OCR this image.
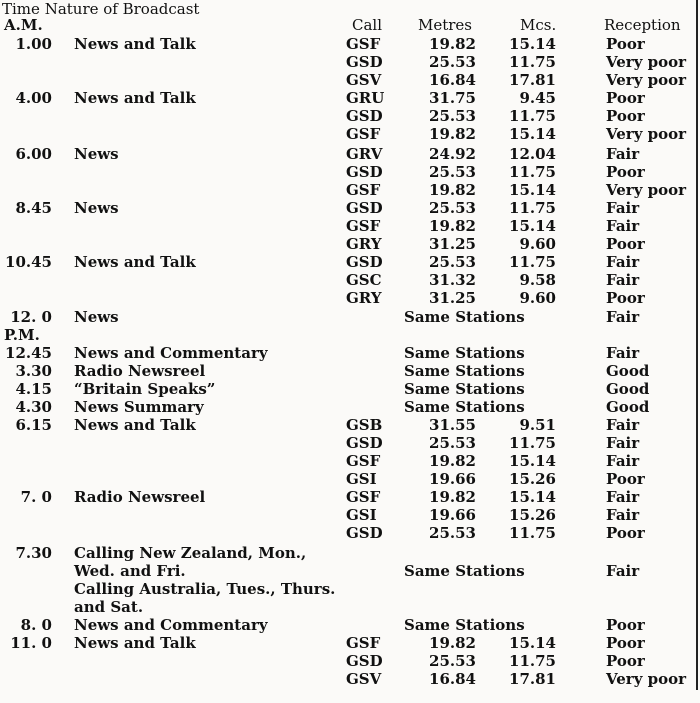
Time Nature of Broadcast
Call Metres	Mcs.	Reception
A.M.
P.M.
1.00 News and Talk	GSF	19.82	15.14	Poor
GSD	25.53	11.75	Very poor
GSV	16.84	17.81	Very poor
4.00 News and Talk	GRU	31.75	9.45	Poor
GSD	25.53	11.75	Poor
GSF	19.82	15.14	Very poor
6.00 News	GRV	24.92	12.04	Fair
GSD	25.53	11.75	Poor
GSF	19.82	15.14	Very poor
8.45 News	GSD	25.53	11.75	Fair
GSF	19.82	15.14	Fair
GRY	31.25	9.60	Poor
10.45 News and Talk	GSD	25.53	11.75	Fair
GSC	31.32	9.58	Fair
GRY	31.25	9.60	Poor
12. 0 News	Same Stations	Fair
12.45 News and Commentary	Same Stations	Fair
3.30 Radio Newsreel	Same Stations	Good
4.15 “Britain Speaks”	Same Stations	Good
4.30 News Summary	Same Stations	Good
6.15 News and Talk	GSB	31.55	9.51	Fair
GSD	25.53	11.75	Fair
GSF	19.82	15.14	Fair
GSI	19.66	15.26	Poor
7. 0 Radio Newsreel	GSF	19.82	15.14	Fair
GSI	19.66	15.26	Fair
GSD	25.53	11.75	Poor
7.30 Calling New Zealand, Mon.,
Wed. and Fri.	Same Stations	Fair
Calling Australia, Tues., Thurs.
and Sat.
8. 0 News and Commentary	Same Stations	Poor
11. 0 News and Talk	GSF	19.82	15.14	Poor
GSD	25.53	11.75	Poor
GSV	16.84	17.81	Very poor
